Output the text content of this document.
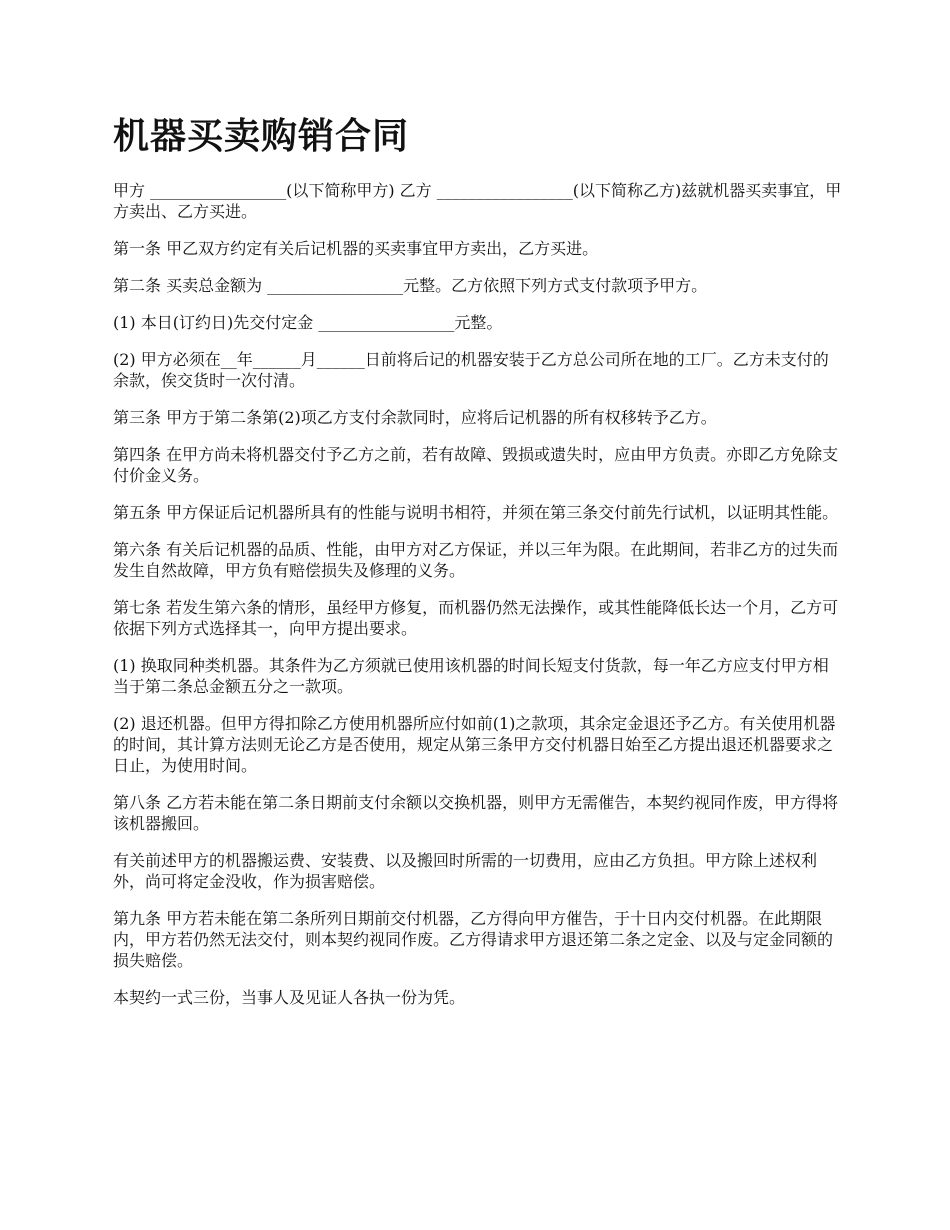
机器买卖购销合同

甲方 _________________(以下简称甲方) 乙方 _________________(以下简称乙方)兹就机器买卖事宜，甲方卖出、乙方买进。

第一条 甲乙双方约定有关后记机器的买卖事宜甲方卖出，乙方买进。

第二条 买卖总金额为 _________________元整。乙方依照下列方式支付款项予甲方。

(1) 本日(订约日)先交付定金 _________________元整。

(2) 甲方必须在__年______月______日前将后记的机器安装于乙方总公司所在地的工厂。乙方未支付的余款，俟交货时一次付清。

第三条 甲方于第二条第(2)项乙方支付余款同时，应将后记机器的所有权移转予乙方。

第四条 在甲方尚未将机器交付予乙方之前，若有故障、毁损或遗失时，应由甲方负责。亦即乙方免除支付价金义务。

第五条 甲方保证后记机器所具有的性能与说明书相符，并须在第三条交付前先行试机，以证明其性能。

第六条 有关后记机器的品质、性能，由甲方对乙方保证，并以三年为限。在此期间，若非乙方的过失而发生自然故障，甲方负有赔偿损失及修理的义务。

第七条 若发生第六条的情形，虽经甲方修复，而机器仍然无法操作，或其性能降低长达一个月，乙方可依据下列方式选择其一，向甲方提出要求。

(1) 换取同种类机器。其条件为乙方须就已使用该机器的时间长短支付货款，每一年乙方应支付甲方相当于第二条总金额五分之一款项。

(2) 退还机器。但甲方得扣除乙方使用机器所应付如前(1)之款项，其余定金退还予乙方。有关使用机器的时间，其计算方法则无论乙方是否使用，规定从第三条甲方交付机器日始至乙方提出退还机器要求之日止，为使用时间。

第八条 乙方若未能在第二条日期前支付余额以交换机器，则甲方无需催告，本契约视同作废，甲方得将该机器搬回。

有关前述甲方的机器搬运费、安装费、以及搬回时所需的一切费用，应由乙方负担。甲方除上述权利外，尚可将定金没收，作为损害赔偿。

第九条 甲方若未能在第二条所列日期前交付机器，乙方得向甲方催告，于十日内交付机器。在此期限内，甲方若仍然无法交付，则本契约视同作废。乙方得请求甲方退还第二条之定金、以及与定金同额的损失赔偿。

本契约一式三份，当事人及见证人各执一份为凭。
